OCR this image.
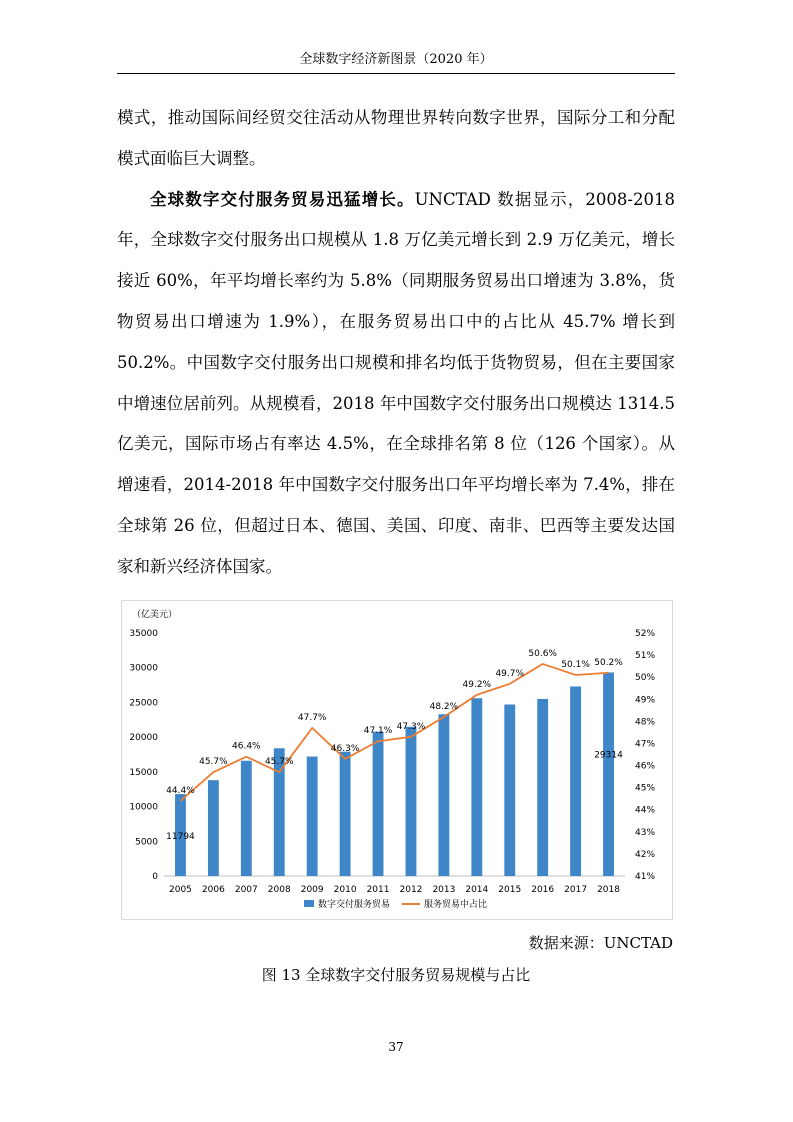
全球数字经济新图景（2020 年）

模式，推动国际间经贸交往活动从物理世界转向数字世界，国际分工和分配模式面临巨大调整。

全球数字交付服务贸易迅猛增长。UNCTAD 数据显示，2008-2018 年，全球数字交付服务出口规模从 1.8 万亿美元增长到 2.9 万亿美元，增长接近 60%，年平均增长率约为 5.8%（同期服务贸易出口增速为 3.8%，货物贸易出口增速为 1.9%），在服务贸易出口中的占比从 45.7% 增长到 50.2%。中国数字交付服务出口规模和排名均低于货物贸易，但在主要国家中增速位居前列。从规模看，2018 年中国数字交付服务出口规模达 1314.5 亿美元，国际市场占有率达 4.5%，在全球排名第 8 位（126 个国家）。从增速看，2014-2018 年中国数字交付服务出口年平均增长率为 7.4%，排在全球第 26 位，但超过日本、德国、美国、印度、南非、巴西等主要发达国家和新兴经济体国家。

（亿美元）
0
5000
10000
15000
20000
25000
30000
35000
41%
42%
43%
44%
45%
46%
47%
48%
49%
50%
51%
52%
2005 2006 2007 2008 2009 2010 2011 2012 2013 2014 2015 2016 2017 2018
44.4%
45.7%
46.4%
45.7%
47.7%
46.3%
47.1% 47.3%
48.2%
49.2%
49.7%
50.6%
50.1% 50.2%
11794
29314
数字交付服务贸易	服务贸易中占比
数据来源：UNCTAD
图 13 全球数字交付服务贸易规模与占比
37
